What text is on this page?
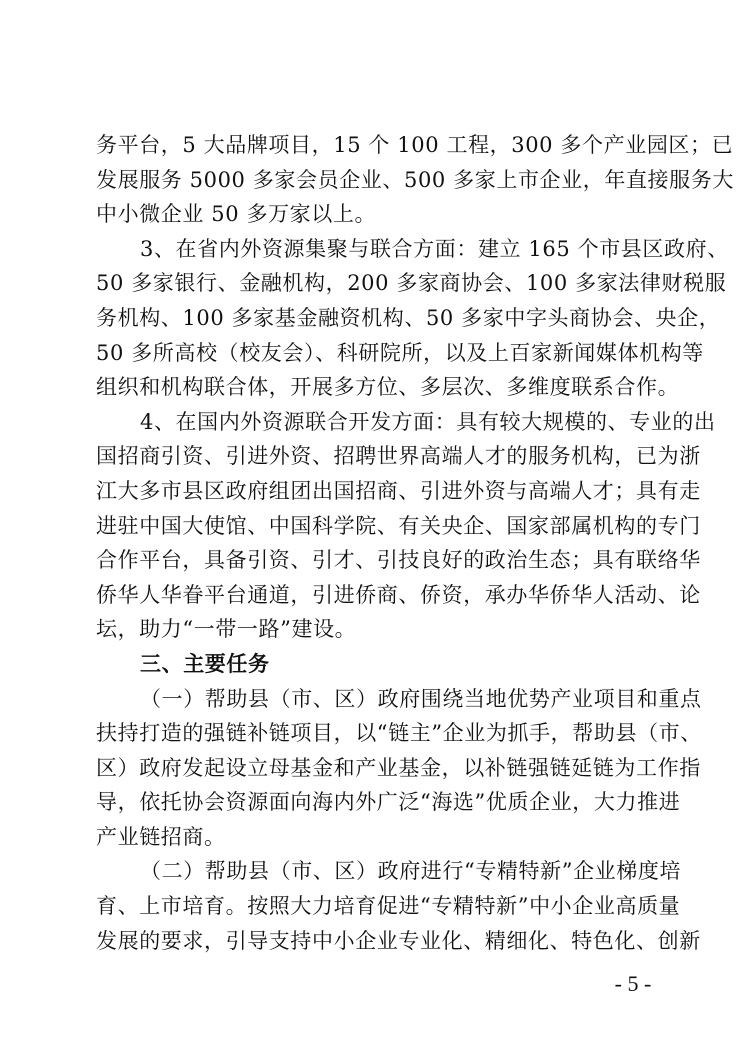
务平台，5 大品牌项目，15 个 100 工程，300 多个产业园区；已
发展服务 5000 多家会员企业、500 多家上市企业，年直接服务大
中小微企业 50 多万家以上。

3、在省内外资源集聚与联合方面：建立 165 个市县区政府、
50 多家银行、金融机构，200 多家商协会、100 多家法律财税服
务机构、100 多家基金融资机构、50 多家中字头商协会、央企，
50 多所高校（校友会）、科研院所，以及上百家新闻媒体机构等
组织和机构联合体，开展多方位、多层次、多维度联系合作。

4、在国内外资源联合开发方面：具有较大规模的、专业的出
国招商引资、引进外资、招聘世界高端人才的服务机构，已为浙
江大多市县区政府组团出国招商、引进外资与高端人才；具有走
进驻中国大使馆、中国科学院、有关央企、国家部属机构的专门
合作平台，具备引资、引才、引技良好的政治生态；具有联络华
侨华人华眷平台通道，引进侨商、侨资，承办华侨华人活动、论
坛，助力“一带一路”建设。

三、主要任务

（一）帮助县（市、区）政府围绕当地优势产业项目和重点
扶持打造的强链补链项目，以“链主”企业为抓手，帮助县（市、
区）政府发起设立母基金和产业基金，以补链强链延链为工作指
导，依托协会资源面向海内外广泛“海选”优质企业，大力推进
产业链招商。

（二）帮助县（市、区）政府进行“专精特新”企业梯度培
育、上市培育。按照大力培育促进“专精特新”中小企业高质量
发展的要求，引导支持中小企业专业化、精细化、特色化、创新

- 5 -
